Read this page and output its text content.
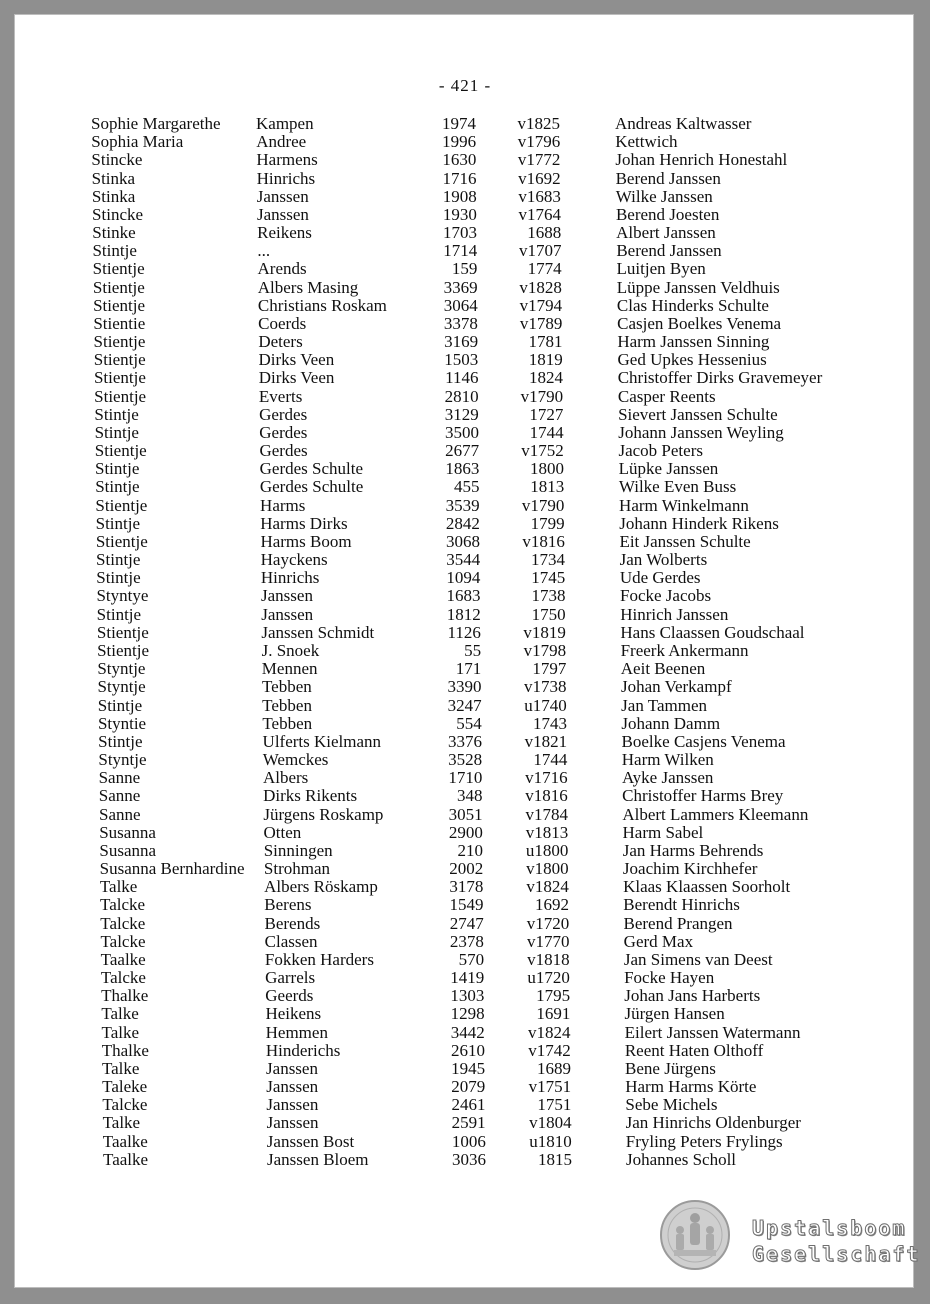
- 421 -
Sophie Margarethe	Kampen	1974	v1825	Andreas Kaltwasser
Sophia Maria	Andree	1996	v1796	Kettwich
Stincke	Harmens	1630	v1772	Johan Henrich Honestahl
Stinka	Hinrichs	1716	v1692	Berend Janssen
Stinka	Janssen	1908	v1683	Wilke Janssen
Stincke	Janssen	1930	v1764	Berend Joesten
Stinke	Reikens	1703	1688	Albert Janssen
Stintje	...	1714	v1707	Berend Janssen
Stientje	Arends	159	1774	Luitjen Byen
Stientje	Albers Masing	3369	v1828	Lüppe Janssen Veldhuis
Stientje	Christians Roskam	3064	v1794	Clas Hinderks Schulte
Stientie	Coerds	3378	v1789	Casjen Boelkes Venema
Stientje	Deters	3169	1781	Harm Janssen Sinning
Stientje	Dirks Veen	1503	1819	Ged Upkes Hessenius
Stientje	Dirks Veen	1146	1824	Christoffer Dirks Gravemeyer
Stientje	Everts	2810	v1790	Casper Reents
Stintje	Gerdes	3129	1727	Sievert Janssen Schulte
Stintje	Gerdes	3500	1744	Johann Janssen Weyling
Stientje	Gerdes	2677	v1752	Jacob Peters
Stintje	Gerdes Schulte	1863	1800	Lüpke Janssen
Stintje	Gerdes Schulte	455	1813	Wilke Even Buss
Stientje	Harms	3539	v1790	Harm Winkelmann
Stintje	Harms Dirks	2842	1799	Johann Hinderk Rikens
Stientje	Harms Boom	3068	v1816	Eit Janssen Schulte
Stintje	Hayckens	3544	1734	Jan Wolberts
Stintje	Hinrichs	1094	1745	Ude Gerdes
Styntye	Janssen	1683	1738	Focke Jacobs
Stintje	Janssen	1812	1750	Hinrich Janssen
Stientje	Janssen Schmidt	1126	v1819	Hans Claassen Goudschaal
Stientje	J. Snoek	55	v1798	Freerk Ankermann
Styntje	Mennen	171	1797	Aeit Beenen
Styntje	Tebben	3390	v1738	Johan Verkampf
Stintje	Tebben	3247	u1740	Jan Tammen
Styntie	Tebben	554	1743	Johann Damm
Stintje	Ulferts Kielmann	3376	v1821	Boelke Casjens Venema
Styntje	Wemckes	3528	1744	Harm Wilken
Sanne	Albers	1710	v1716	Ayke Janssen
Sanne	Dirks Rikents	348	v1816	Christoffer Harms Brey
Sanne	Jürgens Roskamp	3051	v1784	Albert Lammers Kleemann
Susanna	Otten	2900	v1813	Harm Sabel
Susanna	Sinningen	210	u1800	Jan Harms Behrends
Susanna Bernhardine	Strohman	2002	v1800	Joachim Kirchhefer
Talke	Albers Röskamp	3178	v1824	Klaas Klaassen Soorholt
Talcke	Berens	1549	1692	Berendt Hinrichs
Talcke	Berends	2747	v1720	Berend Prangen
Talcke	Classen	2378	v1770	Gerd Max
Taalke	Fokken Harders	570	v1818	Jan Simens van Deest
Talcke	Garrels	1419	u1720	Focke Hayen
Thalke	Geerds	1303	1795	Johan Jans Harberts
Talke	Heikens	1298	1691	Jürgen Hansen
Talke	Hemmen	3442	v1824	Eilert Janssen Watermann
Thalke	Hinderichs	2610	v1742	Reent Haten Olthoff
Talke	Janssen	1945	1689	Bene Jürgens
Taleke	Janssen	2079	v1751	Harm Harms Körte
Talcke	Janssen	2461	1751	Sebe Michels
Talke	Janssen	2591	v1804	Jan Hinrichs Oldenburger
Taalke	Janssen Bost	1006	u1810	Fryling Peters Frylings
Taalke	Janssen Bloem	3036	1815	Johannes Scholl
Upstalsboom
Gesellschaft
